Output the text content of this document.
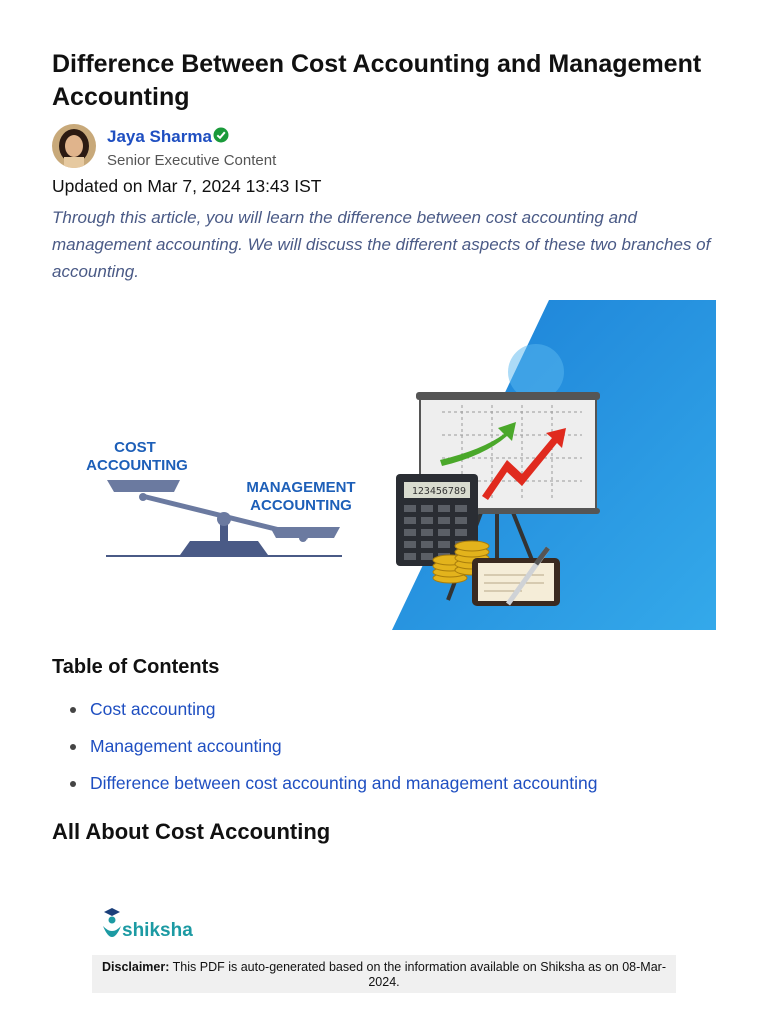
Difference Between Cost Accounting and Management Accounting
Jaya Sharma
Senior Executive Content
Updated on Mar 7, 2024 13:43 IST

Through this article, you will learn the difference between cost accounting and management accounting. We will discuss the different aspects of these two branches of accounting.

COST
ACCOUNTING
MANAGEMENT
ACCOUNTING
123456789
Table of Contents
Cost accounting
Management accounting
Difference between cost accounting and management accounting
All About Cost Accounting
shiksha
Disclaimer: This PDF is auto-generated based on the information available on Shiksha as on 08-Mar-2024.
